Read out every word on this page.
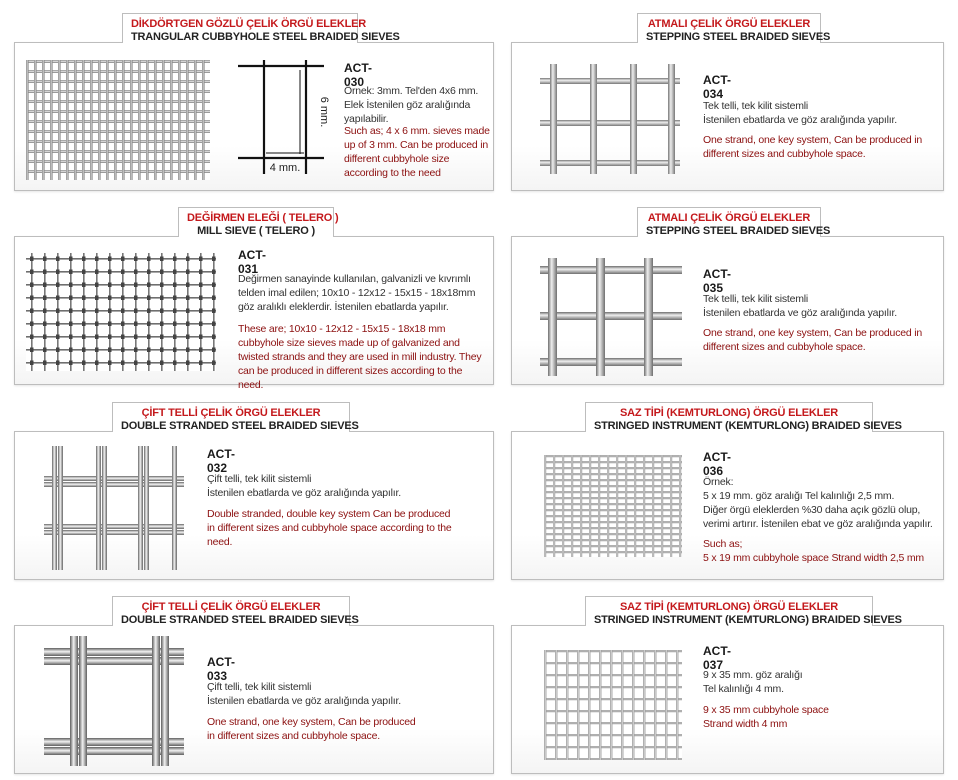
DİKDÖRTGEN GÖZLÜ ÇELİK ÖRGÜ ELEKLER
TRANGULAR CUBBYHOLE STEEL BRAIDED SIEVES
6 mm.
4 mm.
ACT-030
Örnek: 3mm. Tel'den 4x6 mm. Elek İstenilen göz aralığında yapılabilir.
Such as; 4 x 6 mm. sieves made up of 3 mm. Can be produced in different cubbyhole size according to the need
ATMALI ÇELİK ÖRGÜ ELEKLER
STEPPING STEEL BRAIDED SIEVES
ACT-034
Tek telli, tek kilit sistemli
İstenilen ebatlarda ve göz aralığında yapılır.
One strand, one key system, Can be produced in different sizes and cubbyhole space.
DEĞİRMEN ELEĞİ ( TELERO )
MILL SIEVE ( TELERO )
ACT-031
Değirmen sanayinde kullanılan, galvanizli ve kıvrımlı telden imal edilen; 10x10 - 12x12 - 15x15 - 18x18mm göz aralıklı eleklerdir. İstenilen ebatlarda yapılır.
These are; 10x10 - 12x12 - 15x15 - 18x18 mm cubbyhole size sieves made up of galvanized and twisted strands and they are used in mill industry. They can be produced in different sizes according to the need.
ATMALI ÇELİK ÖRGÜ ELEKLER
STEPPING STEEL BRAIDED SIEVES
ACT-035
Tek telli, tek kilit sistemli
İstenilen ebatlarda ve göz aralığında yapılır.
One strand, one key system, Can be produced in different sizes and cubbyhole space.
ÇİFT TELLİ ÇELİK ÖRGÜ ELEKLER
DOUBLE STRANDED STEEL BRAIDED SIEVES
ACT-032
Çift telli, tek kilit sistemli
İstenilen ebatlarda ve göz aralığında yapılır.
Double stranded, double key system Can be produced in different sizes and cubbyhole space according to the need.
SAZ TİPİ (KEMTURLONG) ÖRGÜ ELEKLER
STRINGED INSTRUMENT (KEMTURLONG) BRAIDED SIEVES
ACT-036
Örnek:
5 x 19 mm. göz aralığı Tel kalınlığı 2,5 mm.
Diğer örgü eleklerden %30 daha açık gözlü olup, verimi artırır. İstenilen ebat ve göz aralığında yapılır.
Such as;
5 x 19 mm cubbyhole space Strand width 2,5 mm
ÇİFT TELLİ ÇELİK ÖRGÜ ELEKLER
DOUBLE STRANDED STEEL BRAIDED SIEVES
ACT-033
Çift telli, tek kilit sistemli
İstenilen ebatlarda ve göz aralığında yapılır.
One strand, one key system, Can be produced in different sizes and cubbyhole space.
SAZ TİPİ (KEMTURLONG) ÖRGÜ ELEKLER
STRINGED INSTRUMENT (KEMTURLONG) BRAIDED SIEVES
ACT-037
9 x 35 mm. göz aralığı
Tel kalınlığı 4 mm.
9 x 35 mm cubbyhole space
Strand width 4 mm
